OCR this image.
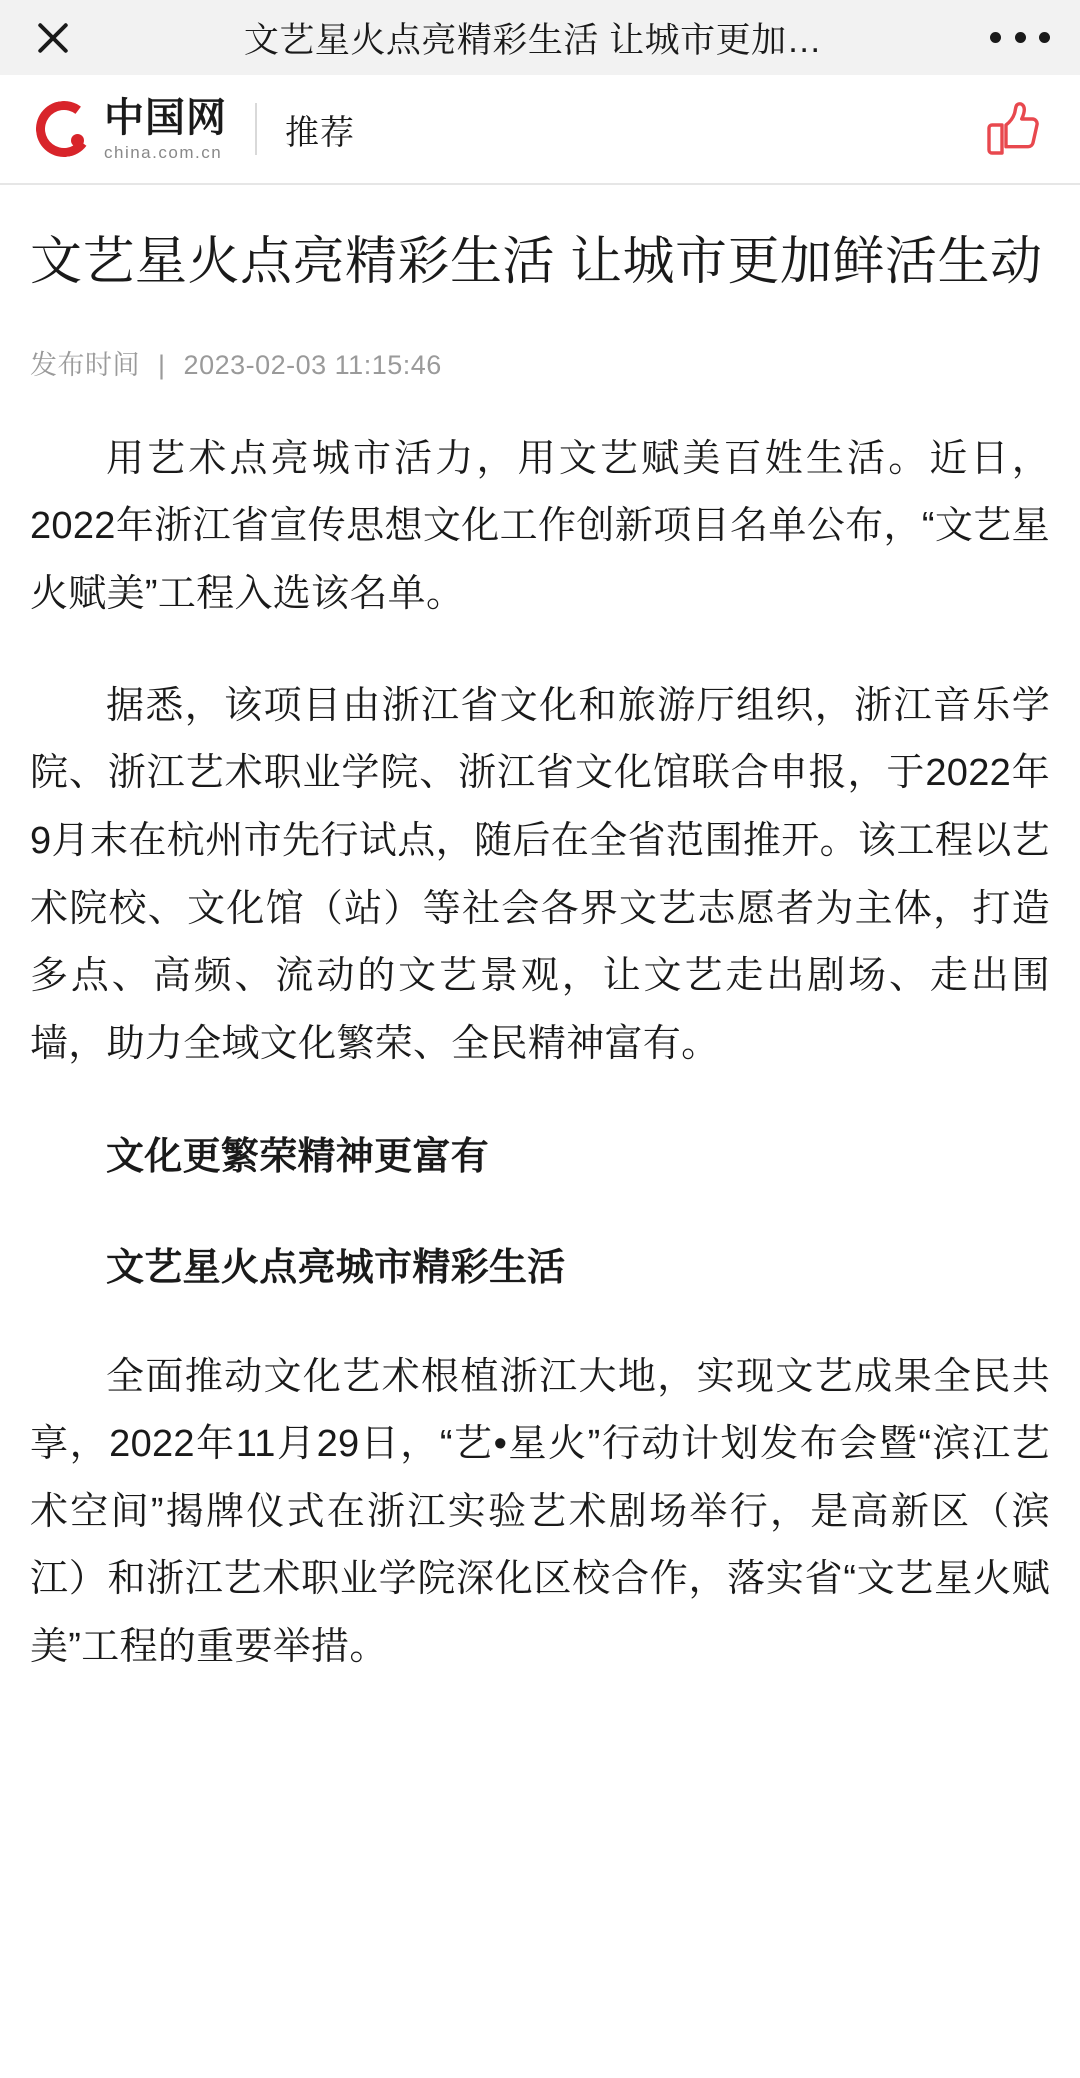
文艺星火点亮精彩生活 让城市更加…
中国网
china.com.cn
推荐
文艺星火点亮精彩生活 让城市更加鲜活生动
发布时间 | 2023-02-03 11:15:46

用艺术点亮城市活力，用文艺赋美百姓生活。近日，2022年浙江省宣传思想文化工作创新项目名单公布，“文艺星火赋美”工程入选该名单。

据悉，该项目由浙江省文化和旅游厅组织，浙江音乐学院、浙江艺术职业学院、浙江省文化馆联合申报，于2022年9月末在杭州市先行试点，随后在全省范围推开。该工程以艺术院校、文化馆（站）等社会各界文艺志愿者为主体，打造多点、高频、流动的文艺景观，让文艺走出剧场、走出围墙，助力全域文化繁荣、全民精神富有。

文化更繁荣精神更富有

文艺星火点亮城市精彩生活

全面推动文化艺术根植浙江大地，实现文艺成果全民共享，2022年11月29日，“艺•星火”行动计划发布会暨“滨江艺术空间”揭牌仪式在浙江实验艺术剧场举行，是高新区（滨江）和浙江艺术职业学院深化区校合作，落实省“文艺星火赋美”工程的重要举措。
